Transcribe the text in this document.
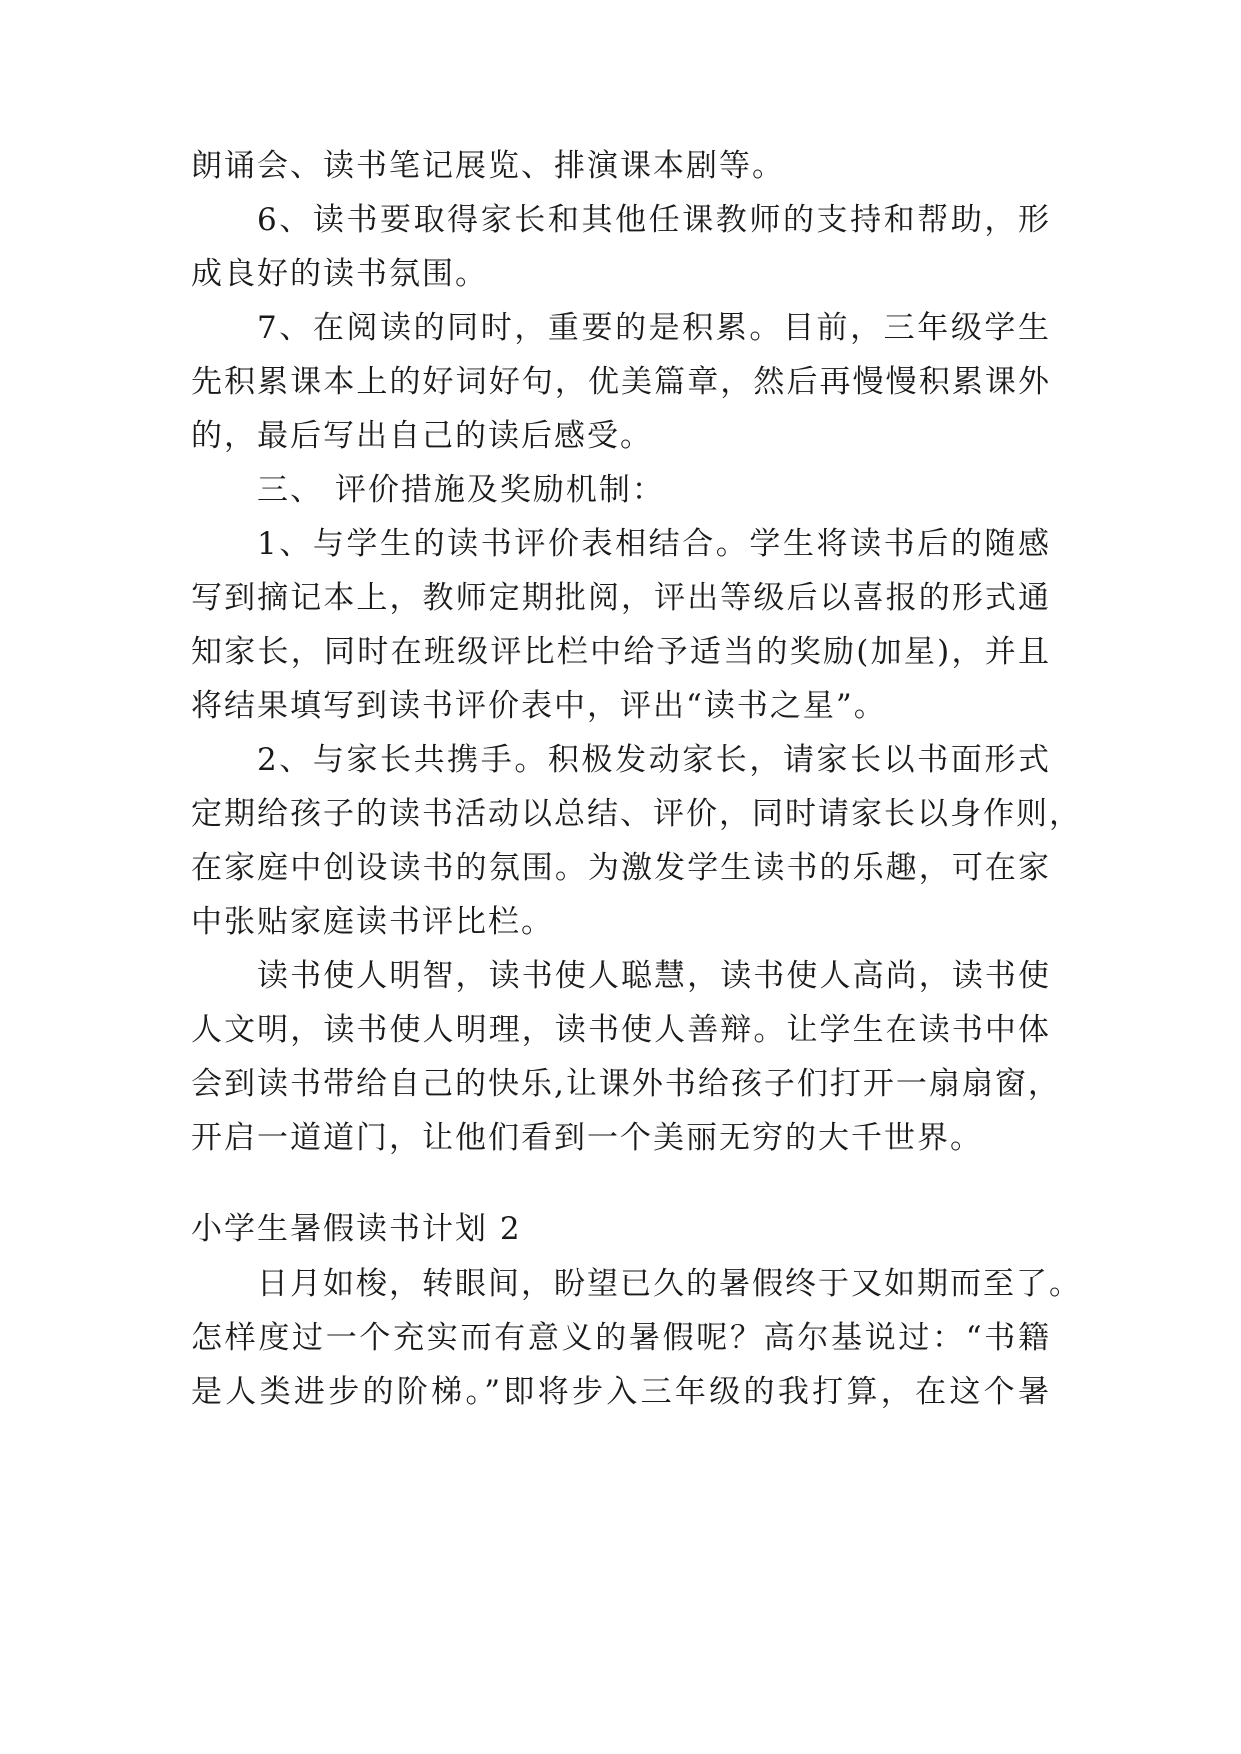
朗诵会、读书笔记展览、排演课本剧等。
6、读书要取得家长和其他任课教师的支持和帮助，形
成良好的读书氛围。
7、在阅读的同时，重要的是积累。目前，三年级学生
先积累课本上的好词好句，优美篇章，然后再慢慢积累课外
的，最后写出自己的读后感受。
三、 评价措施及奖励机制：
1、与学生的读书评价表相结合。学生将读书后的随感
写到摘记本上，教师定期批阅，评出等级后以喜报的形式通
知家长，同时在班级评比栏中给予适当的奖励(加星)，并且
将结果填写到读书评价表中，评出“读书之星”。
2、与家长共携手。积极发动家长，请家长以书面形式
定期给孩子的读书活动以总结、评价，同时请家长以身作则，
在家庭中创设读书的氛围。为激发学生读书的乐趣，可在家
中张贴家庭读书评比栏。
读书使人明智，读书使人聪慧，读书使人高尚，读书使
人文明，读书使人明理，读书使人善辩。让学生在读书中体
会到读书带给自己的快乐,让课外书给孩子们打开一扇扇窗，
开启一道道门，让他们看到一个美丽无穷的大千世界。
小学生暑假读书计划 2
日月如梭，转眼间，盼望已久的暑假终于又如期而至了。
怎样度过一个充实而有意义的暑假呢？高尔基说过：“书籍
是人类进步的阶梯。”即将步入三年级的我打算，在这个暑
